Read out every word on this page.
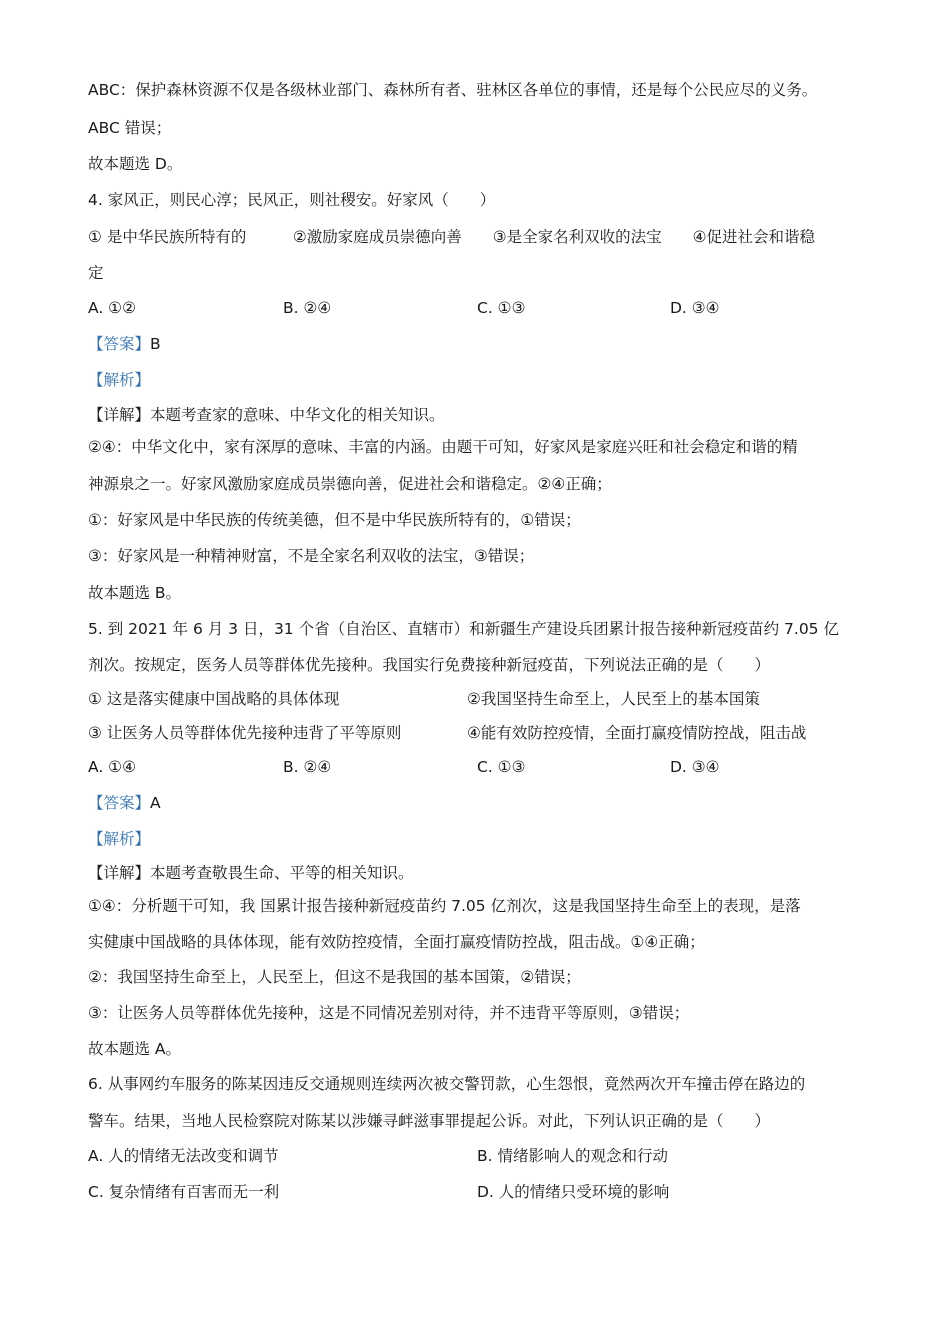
ABC：保护森林资源不仅是各级林业部门、森林所有者、驻林区各单位的事情，还是每个公民应尽的义务。
ABC 错误；
故本题选 D。
4. 家风正，则民心淳；民风正，则社稷安。好家风（　　）
① 是中华民族所特有的　　　②激励家庭成员崇德向善　　③是全家名利双收的法宝　　④促进社会和谐稳
定
A. ①②	B. ②④	C. ①③	D. ③④
【答案】B
【解析】
【详解】本题考查家的意味、中华文化的相关知识。
②④：中华文化中，家有深厚的意味、丰富的内涵。由题干可知，好家风是家庭兴旺和社会稳定和谐的精
神源泉之一。好家风激励家庭成员崇德向善，促进社会和谐稳定。②④正确；
①：好家风是中华民族的传统美德，但不是中华民族所特有的，①错误；
③：好家风是一种精神财富，不是全家名利双收的法宝，③错误；
故本题选 B。
5. 到 2021 年 6 月 3 日，31 个省（自治区、直辖市）和新疆生产建设兵团累计报告接种新冠疫苗约 7.05 亿
剂次。按规定，医务人员等群体优先接种。我国实行免费接种新冠疫苗，下列说法正确的是（　　）
① 这是落实健康中国战略的具体体现	②我国坚持生命至上，人民至上的基本国策
③ 让医务人员等群体优先接种违背了平等原则	④能有效防控疫情，全面打赢疫情防控战，阻击战
A. ①④	B. ②④	C. ①③	D. ③④
【答案】A
【解析】
【详解】本题考查敬畏生命、平等的相关知识。
①④：分析题干可知，我 国累计报告接种新冠疫苗约 7.05 亿剂次，这是我国坚持生命至上的表现，是落
实健康中国战略的具体体现，能有效防控疫情，全面打赢疫情防控战，阻击战。①④正确；
②：我国坚持生命至上，人民至上，但这不是我国的基本国策，②错误；
③：让医务人员等群体优先接种，这是不同情况差别对待，并不违背平等原则，③错误；
故本题选 A。
6. 从事网约车服务的陈某因违反交通规则连续两次被交警罚款，心生怨恨，竟然两次开车撞击停在路边的
警车。结果，当地人民检察院对陈某以涉嫌寻衅滋事罪提起公诉。对此，下列认识正确的是（　　）
A. 人的情绪无法改变和调节	B. 情绪影响人的观念和行动
C. 复杂情绪有百害而无一利	D. 人的情绪只受环境的影响
